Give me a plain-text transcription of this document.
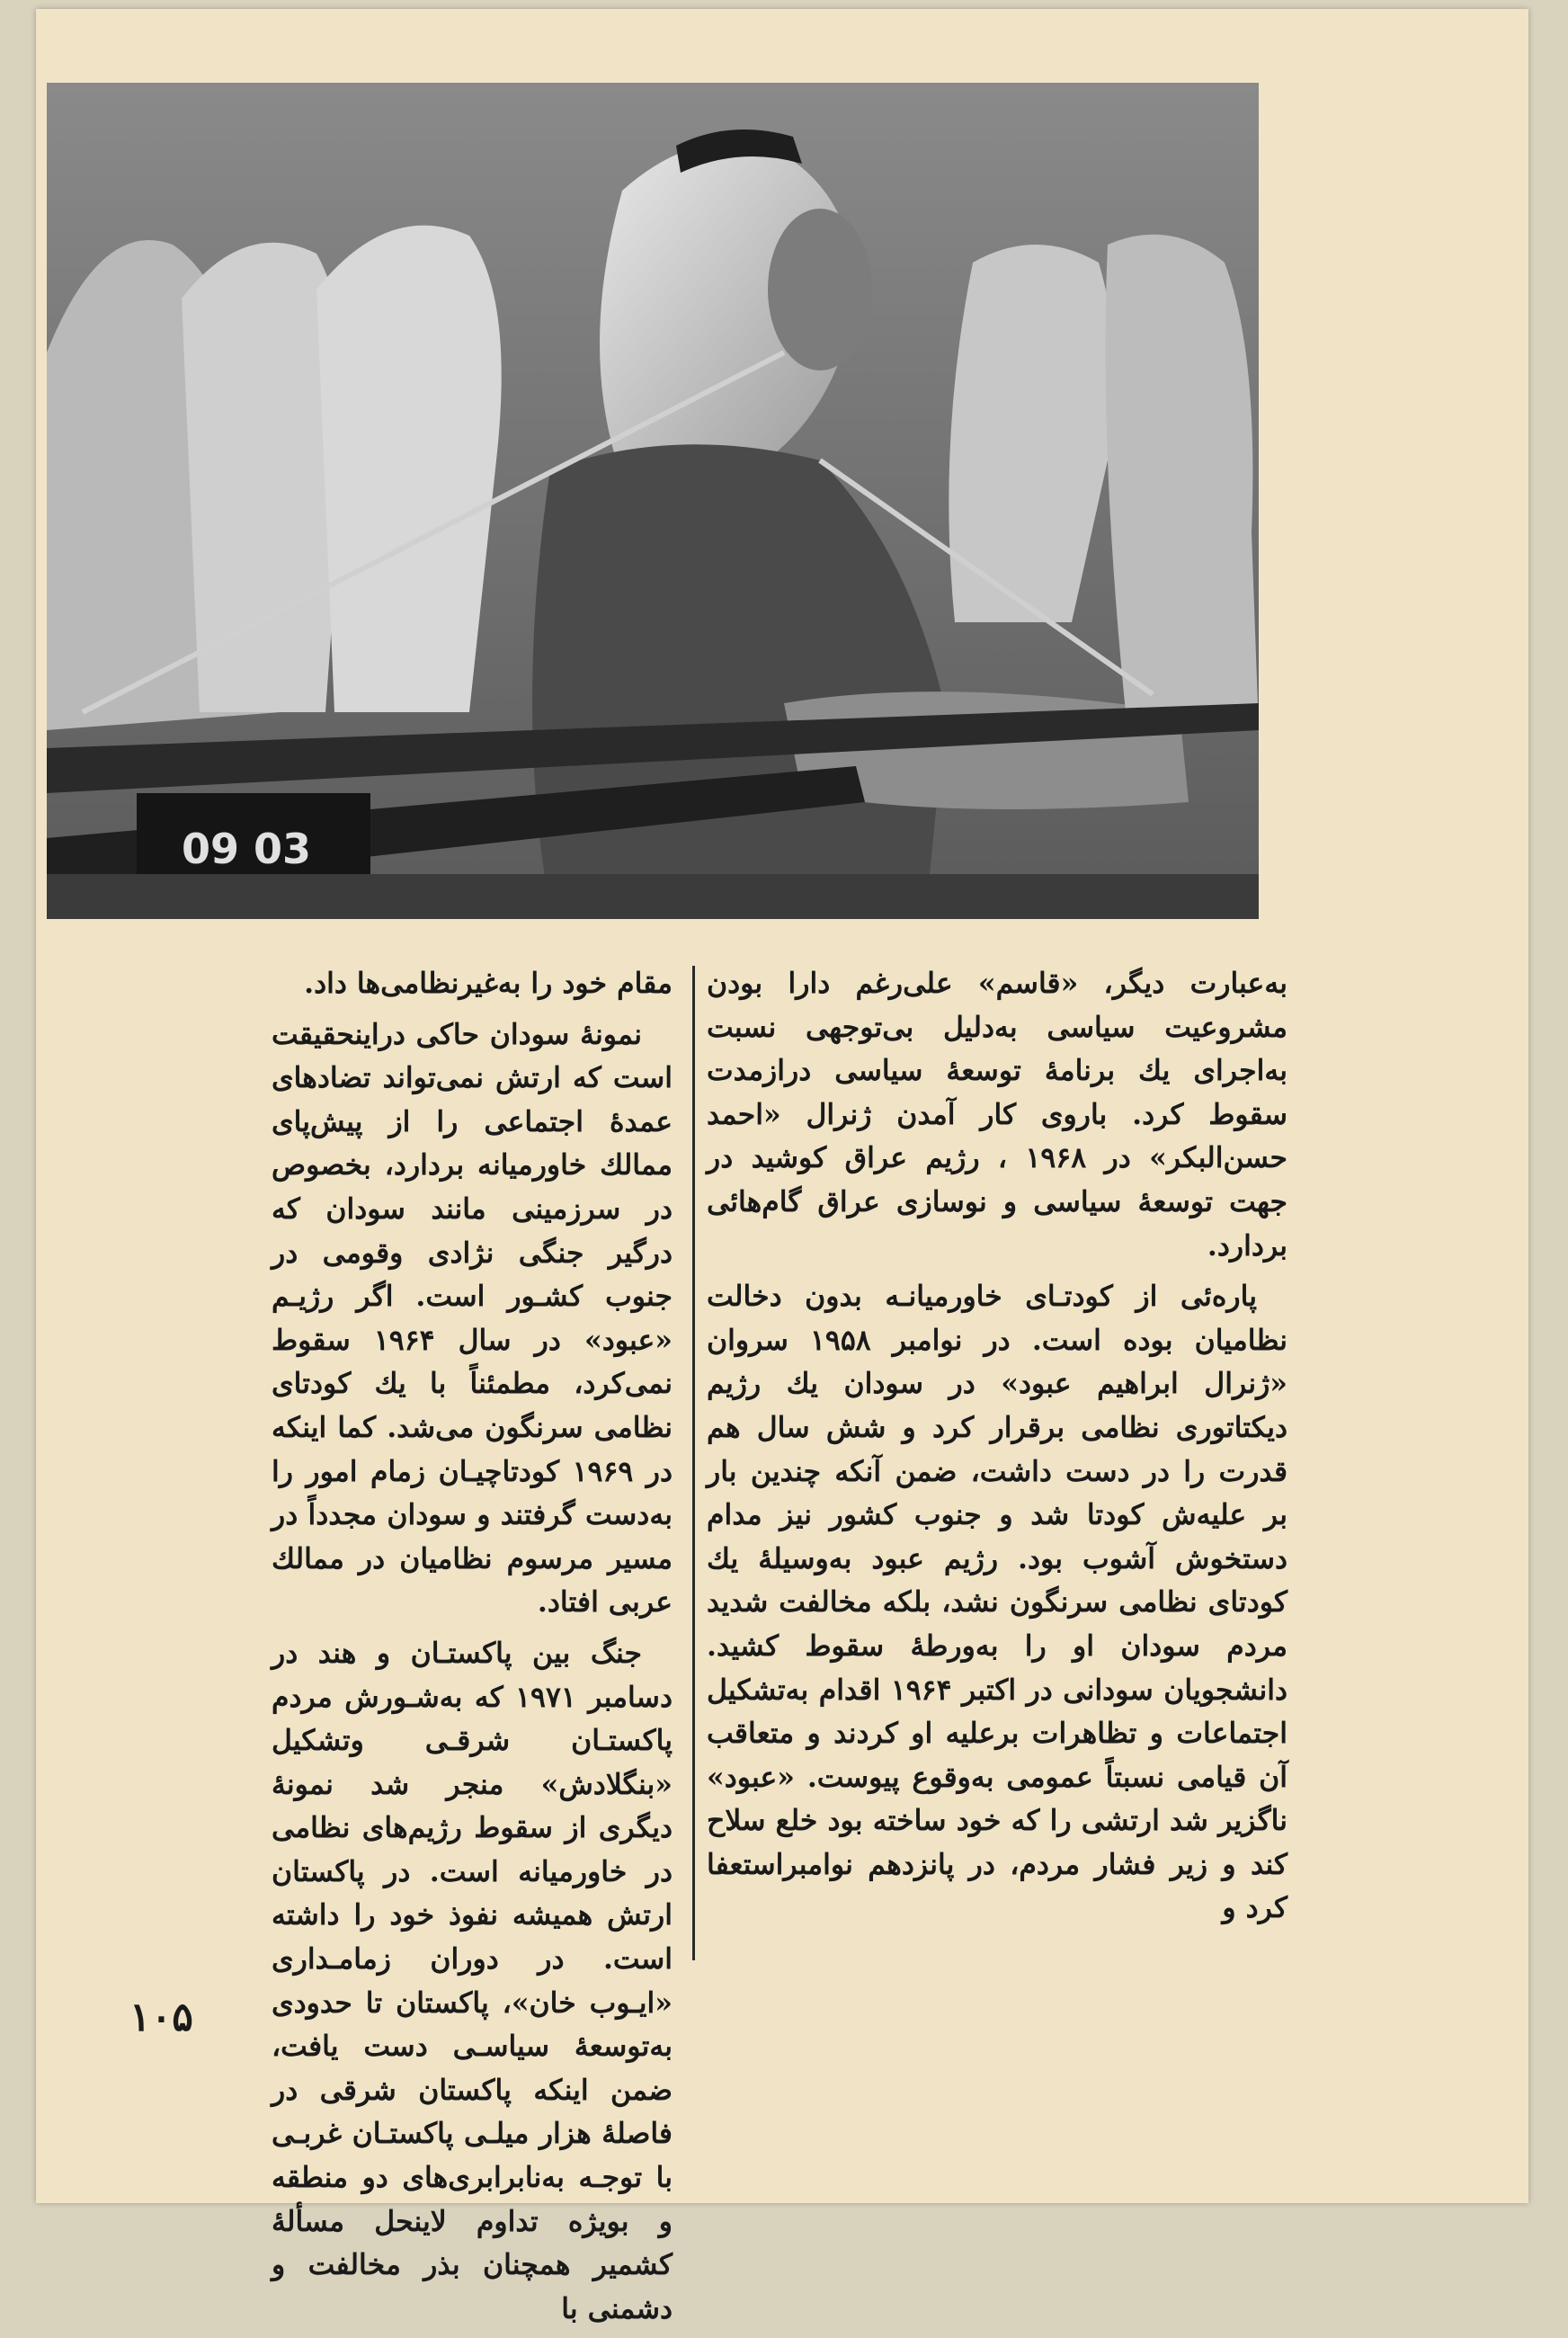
09 03

به‌عبارت دیگر، «قاسم» علی‌رغم دارا بودن مشروعیت سیاسی به‌دلیل بی‌توجهی نسبت به‌اجرای یك برنامهٔ توسعهٔ سیاسی درازمدت سقوط کرد. باروی کار آمدن ژنرال «احمد حسن‌البکر» در ۱۹۶۸ ، رژیم عراق کوشید در جهت توسعهٔ سیاسی و نوسازی عراق گام‌هائی بردارد.

پاره‌ئی از کودتـای خاورمیانـه بدون دخالت نظامیان بوده است. در نوامبر ۱۹۵۸ سروان «ژنرال ابراهیم عبود» در سودان یك رژیم دیکتاتوری نظامی برقرار کرد و شش سال هم قدرت را در دست داشت، ضمن آنکه چندین بار بر علیه‌ش کودتا شد و جنوب کشور نیز مدام دستخوش آشوب بود. رژیم عبود به‌وسیلهٔ یك کودتای نظامی سرنگون نشد، بلکه مخالفت شدید مردم سودان او را به‌ورطهٔ سقوط کشید. دانشجویان سودانی در اکتبر ۱۹۶۴ اقدام به‌تشکیل اجتماعات و تظاهرات برعلیه او کردند و متعاقب آن قیامی نسبتاً عمومی به‌وقوع پیوست. «عبود» ناگزیر شد ارتشی را که خود ساخته بود خلع سلاح کند و زیر فشار مردم، در پانزدهم نوامبراستعفا کرد و

مقام خود را به‌غیرنظامی‌ها داد.

نمونهٔ سودان حاکی دراینحقیقت است که ارتش نمی‌تواند تضادهای عمدهٔ اجتماعی را از پیش‌پای ممالك خاورمیانه بردارد، بخصوص در سرزمینی مانند سودان که درگیر جنگی نژادی وقومی در جنوب کشـور است. اگر رژیـم «عبود» در سال ۱۹۶۴ سقوط نمی‌کرد، مطمئناً با یك کودتای نظامی سرنگون می‌شد. کما اینکه در ۱۹۶۹ کودتاچیـان زمام امور را به‌دست گرفتند و سودان مجدداً در مسیر مرسوم نظامیان در ممالك عربی افتاد.

جنگ بین پاکستـان و هند در دسامبر ۱۹۷۱ که به‌شـورش مردم پاکستـان شرقـی وتشکیل «بنگلادش» منجر شد نمونهٔ دیگری از سقوط رژیم‌های نظامی در خاورمیانه است. در پاکستان ارتش همیشه نفوذ خود را داشته است. در دوران زمامـداری «ایـوب خان»، پاکستان تا حدودی به‌توسعهٔ سیاسـی دست یافت، ضمن اینکه پاکستان شرقی در فاصلهٔ هزار میلـی پاکستـان غربـی با توجـه به‌نابرابری‌های دو منطقه و بویژه تداوم لاینحل مسألهٔ کشمیر همچنان بذر مخالفت و دشمنی با

۱۰۵
